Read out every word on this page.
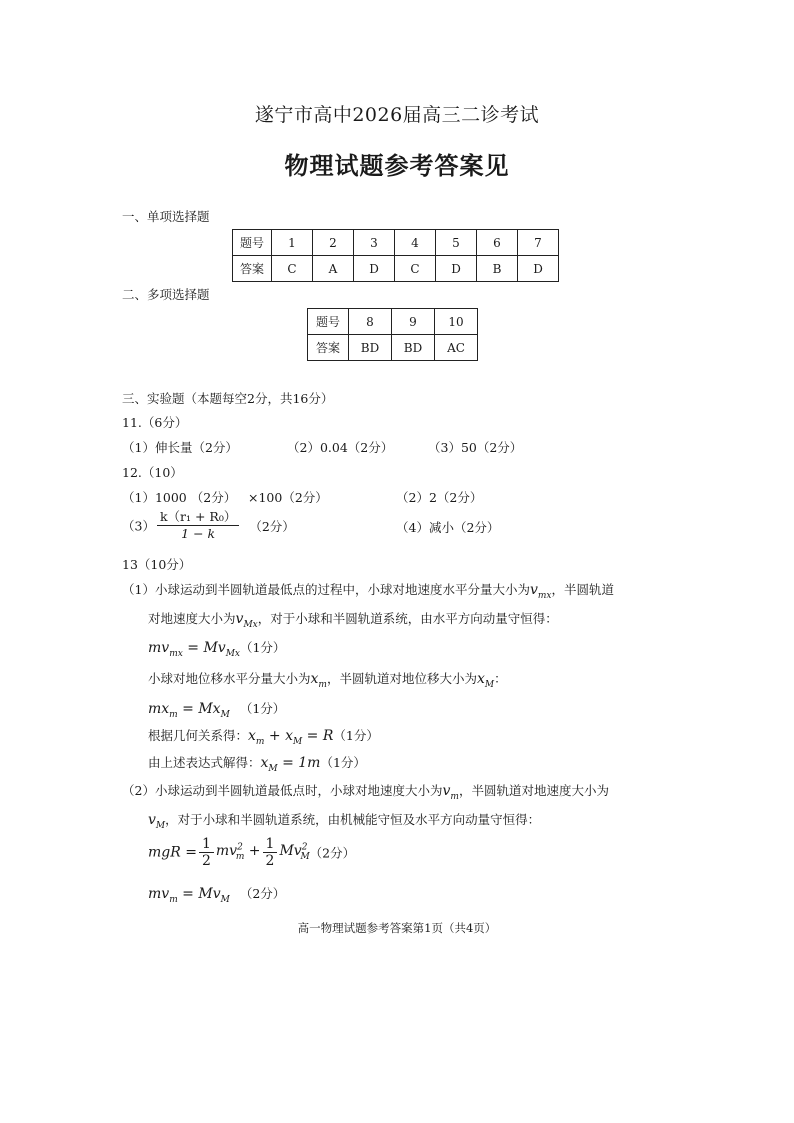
遂宁市高中2026届高三二诊考试
物理试题参考答案见
一、单项选择题
题号	1	2	3	4	5	6	7
答案	C	A	D	C	D	B	D
二、多项选择题
题号	8	9	10
答案	BD	BD	AC
三、实验题（本题每空2分，共16分）
11.（6分）
（1）伸长量（2分）	（2）0.04（2分）	（3）50（2分）
12.（10）
（1）1000 （2分） ×100（2分）	（2）2（2分）
$(3) \frac{\text{k（r₁ + R₀）}}{1 - k} (2$分）	（4）减小（2分）
13（10分）
（1）小球运动到半圆轨道最低点的过程中，小球对地速度水平分量大小为$v_{mx}$，半圆轨道
对地速度大小为$v_{Mx}$，对于小球和半圆轨道系统，由水平方向动量守恒得：
$mv_{mx} = Mv_{Mx}(1$分）
小球对地位移水平分量大小为$x_m$，半圆轨道对地位移大小为$x_M$：
$mx_m = Mx_M$ （1分）
根据几何关系得：$x_m + x_M = R(1$分）
由上述表达式解得：$x_M = 1m(1$分）
（2）小球运动到半圆轨道最低点时，小球对地速度大小为$v_m$，半圆轨道对地速度大小为
$v_M$，对于小球和半圆轨道系统，由机械能守恒及水平方向动量守恒得：
mgR = $\frac{1}{2} mv^2_m + \frac{1}{2} Mv^2_M(2$分）
$mv_m = Mv_M$ （2分）
高一物理试题参考答案第1页（共4页）
